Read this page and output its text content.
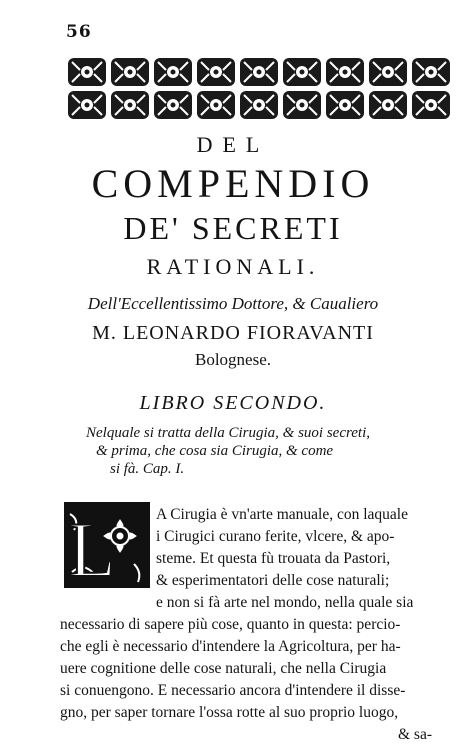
56
DEL
COMPENDIO
DE' SECRETI
RATIONALI.
Dell'Eccellentissimo Dottore, & Caualiero
M. LEONARDO FIORAVANTI
Bolognese.
LIBRO SECONDO.
Nelquale si tratta della Cirugia, & suoi secreti,
& prima, che cosa sia Cirugia, & come
si fà. Cap. I.
L	A Cirugia è vn'arte manuale, con laquale
i Cirugici curano ferite, vlcere, & apo-
steme. Et questa fù trouata da Pastori,
& esperimentatori delle cose naturali;
e non si fà arte nel mondo, nella quale sia
necessario di sapere più cose, quanto in questa: percio-
che egli è necessario d'intendere la Agricoltura, per ha-
uere cognitione delle cose naturali, che nella Cirugia
si conuengono. E necessario ancora d'intendere il disse-
gno, per saper tornare l'ossa rotte al suo proprio luogo,
& sa-
